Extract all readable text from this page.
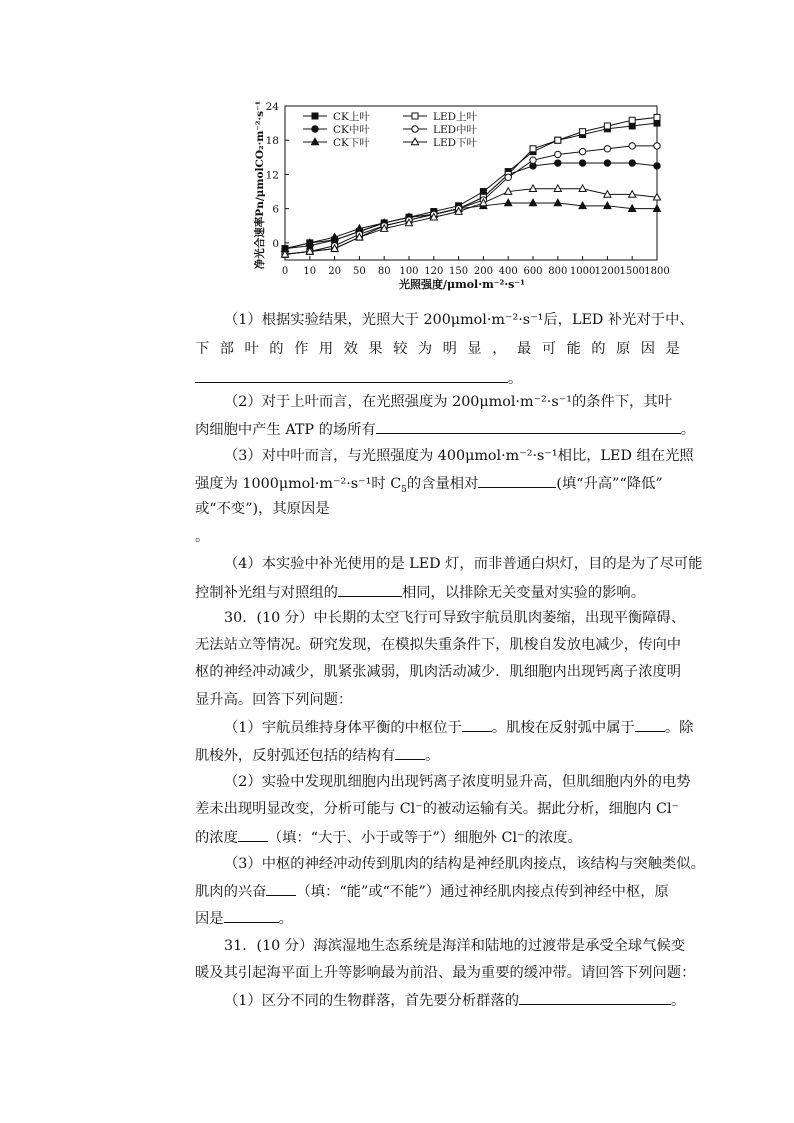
0
6
12
18
24
0 10 20 50 80 100 120 150 200 400 600 800 1000 1200 1500 1800
CK上叶
CK中叶
CK下叶
LED上叶
LED中叶
LED下叶
净光合速率Pn/μmolCO₂·m⁻²·s⁻¹
光照强度/μmol·m⁻²·s⁻¹
（1）根据实验结果，光照大于 200μmol·m⁻²·s⁻¹后，LED 补光对于中、
下 部 叶 的 作 用 效 果 较 为 明 显 ， 最 可 能 的 原 因 是
。
（2）对于上叶而言，在光照强度为 200μmol·m⁻²·s⁻¹的条件下，其叶
肉细胞中产生 ATP 的场所有	。
（3）对中叶而言，与光照强度为 400μmol·m⁻²·s⁻¹相比，LED 组在光照
强度为 1000μmol·m⁻²·s⁻¹时 $C_5$的含量相对	(填“升高”“降低”
或“不变”)，其原因是
。
（4）本实验中补光使用的是 LED 灯，而非普通白炽灯，目的是为了尽可能
控制补光组与对照组的	相同，以排除无关变量对实验的影响。
30．(10 分）中长期的太空飞行可导致宇航员肌肉萎缩，出现平衡障碍、
无法站立等情况。研究发现，在模拟失重条件下，肌梭自发放电减少，传向中
枢的神经冲动减少，肌紧张减弱，肌肉活动减少．肌细胞内出现钙离子浓度明
显升高。回答下列问题：
（1）宇航员维持身体平衡的中枢位于 。肌梭在反射弧中属于 。除
肌梭外，反射弧还包括的结构有 。
（2）实验中发现肌细胞内出现钙离子浓度明显升高，但肌细胞内外的电势
差未出现明显改变，分析可能与 Cl⁻的被动运输有关。据此分析，细胞内 Cl⁻
的浓度 （填：“大于、小于或等于”）细胞外 Cl⁻的浓度。
（3）中枢的神经冲动传到肌肉的结构是神经肌肉接点，该结构与突触类似。
肌肉的兴奋 （填：“能”或“不能”）通过神经肌肉接点传到神经中枢，原
因是	。
31．(10 分）海滨湿地生态系统是海洋和陆地的过渡带是承受全球气候变
暖及其引起海平面上升等影响最为前沿、最为重要的缓冲带。请回答下列问题：
（1）区分不同的生物群落，首先要分析群落的	。
